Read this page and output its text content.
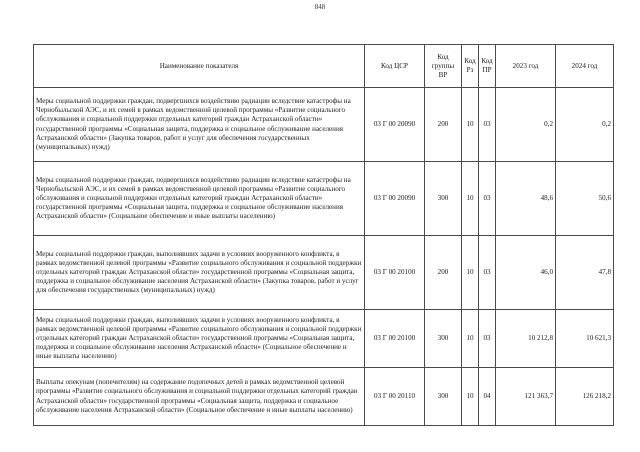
848
Наименование показателя	Код ЦСР	Код группы ВР	Код Рз	Код ПР	2023 год	2024 год
Меры социальной поддержки граждан, подвергшихся воздействию радиации вследствие катастрофы на Чернобыльской АЭС, и их семей в рамках ведомственной целевой программы «Развитие социального обслуживания и социальной поддержки отдельных категорий граждан Астраханской области» государственной программы «Социальная защита, поддержка и социальное обслуживание населения Астраханской области» (Закупка товаров, работ и услуг для обеспечения государственных (муниципальных) нужд)	03 Г 00 20090	200	10	03	0,2	0,2
Меры социальной поддержки граждан, подвергшихся воздействию радиации вследствие катастрофы на Чернобыльской АЭС, и их семей в рамках ведомственной целевой программы «Развитие социального обслуживания и социальной поддержки отдельных категорий граждан Астраханской области» государственной программы «Социальная защита, поддержка и социальное обслуживание населения Астраханской области» (Социальное обеспечение и иные выплаты населению)	03 Г 00 20090	300	10	03	48,6	50,6
Меры социальной поддержки граждан, выполнявших задачи в условиях вооруженного конфликта, в рамках ведомственной целевой программы «Развитие социального обслуживания и социальной поддержки отдельных категорий граждан Астраханской области» государственной программы «Социальная защита, поддержка и социальное обслуживание населения Астраханской области» (Закупка товаров, работ и услуг для обеспечения государственных (муниципальных) нужд)	03 Г 00 20100	200	10	03	46,0	47,8
Меры социальной поддержки граждан, выполнявших задачи в условиях вооруженного конфликта, в рамках ведомственной целевой программы «Развитие социального обслуживания и социальной поддержки отдельных категорий граждан Астраханской области» государственной программы «Социальная защита, поддержка и социальное обслуживание населения Астраханской области» (Социальное обеспечение и иные выплаты населению)	03 Г 00 20100	300	10	03	10 212,8	10 621,3
Выплаты опекунам (попечителям) на содержание подопечных детей в рамках ведомственной целевой программы «Развитие социального обслуживания и социальной поддержки отдельных категорий граждан Астраханской области» государственной программы «Социальная защита, поддержка и социальное обслуживание населения Астраханской области» (Социальное обеспечение и иные выплаты населению)	03 Г 00 20110	300	10	04	121 363,7	126 218,2
